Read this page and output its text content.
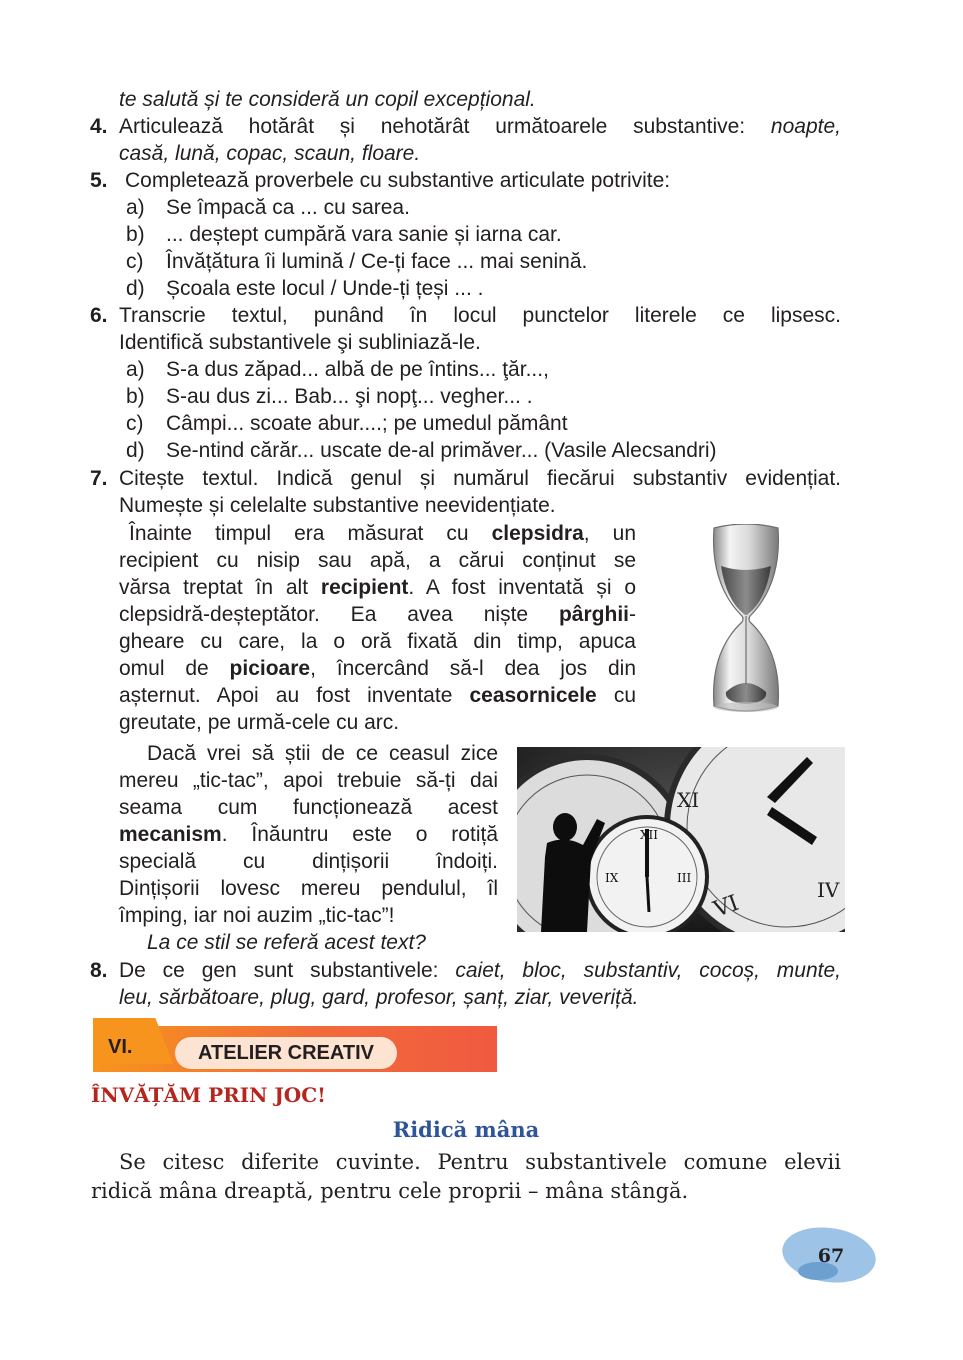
te salută și te consideră un copil excepțional.
4. Articulează hotărât și nehotărât următoarele substantive: noapte,
casă, lună, copac, scaun, floare.
5. Completează proverbele cu substantive articulate potrivite:
a) Se împacă ca ... cu sarea.
b) ... deștept cumpără vara sanie și iarna car.
c) Învățătura îi lumină / Ce-ți face ... mai senină.
d) Școala este locul / Unde-ți țeși ... .
6. Transcrie textul, punând în locul punctelor literele ce lipsesc.
Identifică substantivele şi subliniază-le.
a) S-a dus zăpad... albă de pe întins... ţăr...,
b) S-au dus zi... Bab... şi nopţ... vegher... .
c) Câmpi... scoate abur....; pe umedul pământ
d) Se-ntind cărăr... uscate de-al primăver... (Vasile Alecsandri)
7. Citește textul. Indică genul și numărul fiecărui substantiv evidențiat.
Numește și celelalte substantive neevidențiate.
Înainte timpul era măsurat cu clepsidra, un
recipient cu nisip sau apă, a cărui conținut se
vărsa treptat în alt recipient. A fost inventată și o
clepsidră-deșteptător. Ea avea niște pârghii-
gheare cu care, la o oră fixată din timp, apuca
omul de picioare, încercând să-l dea jos din
așternut. Apoi au fost inventate ceasornicele cu
greutate, pe urmă-cele cu arc.
Dacă vrei să știi de ce ceasul zice
mereu „tic-tac”, apoi trebuie să-ți dai
seama cum funcționează acest
mecanism. Înăuntru este o rotiță
specială cu dințișorii îndoiți.
Dințișorii lovesc mereu pendulul, îl
împing, iar noi auzim „tic-tac”!
La ce stil se referă acest text?
VI
XI
IV
XII
IX	III
8. De ce gen sunt substantivele: caiet, bloc, substantiv, cocoș, munte,
leu, sărbătoare, plug, gard, profesor, șanț, ziar, veveriță.
VI.	ATELIER CREATIV
ÎNVĂȚĂM PRIN JOC!
Ridică mâna
Se citesc diferite cuvinte. Pentru substantivele comune elevii
ridică mâna dreaptă, pentru cele proprii – mâna stângă.
67
